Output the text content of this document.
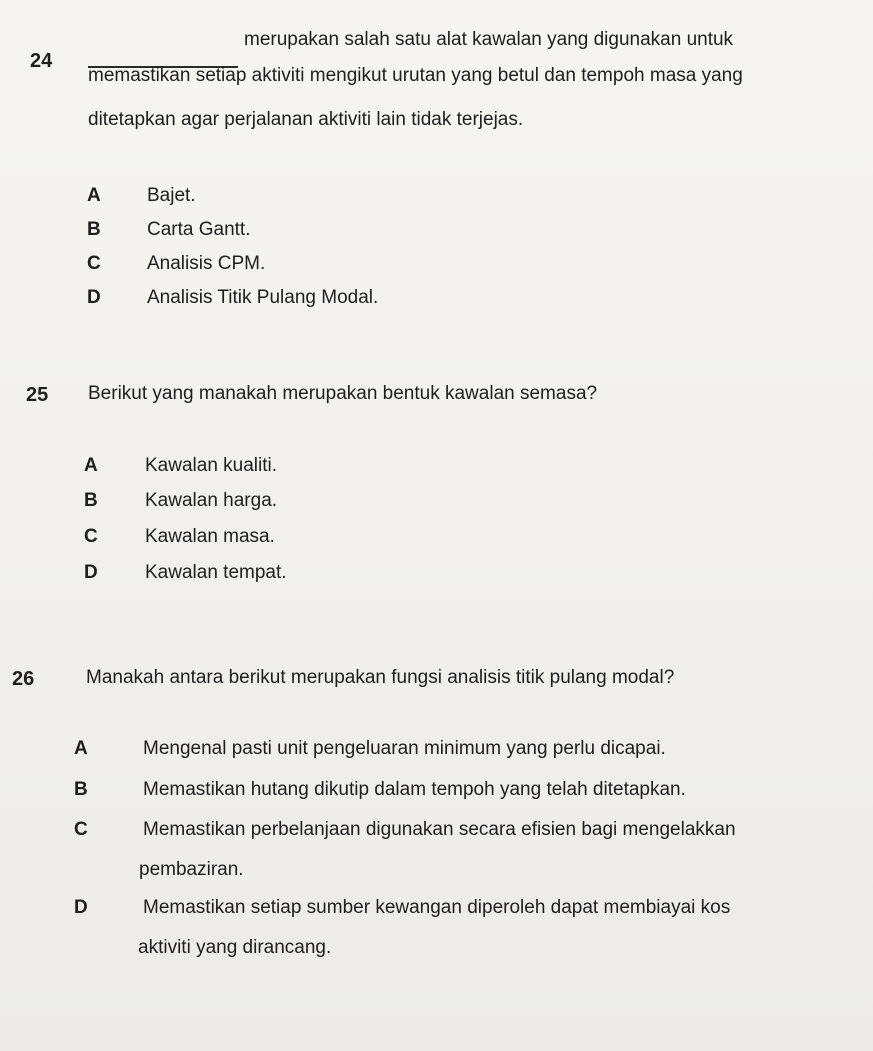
24
merupakan salah satu alat kawalan yang digunakan untuk
memastikan setiap aktiviti mengikut urutan yang betul dan tempoh masa yang
ditetapkan agar perjalanan aktiviti lain tidak terjejas.
A Bajet.
B Carta Gantt.
C Analisis CPM.
D Analisis Titik Pulang Modal.
25 Berikut yang manakah merupakan bentuk kawalan semasa?
A Kawalan kualiti.
B Kawalan harga.
C Kawalan masa.
D Kawalan tempat.
26	Manakah antara berikut merupakan fungsi analisis titik pulang modal?
A	Mengenal pasti unit pengeluaran minimum yang perlu dicapai.
B	Memastikan hutang dikutip dalam tempoh yang telah ditetapkan.
C	Memastikan perbelanjaan digunakan secara efisien bagi mengelakkan
pembaziran.
D	Memastikan setiap sumber kewangan diperoleh dapat membiayai kos
aktiviti yang dirancang.
